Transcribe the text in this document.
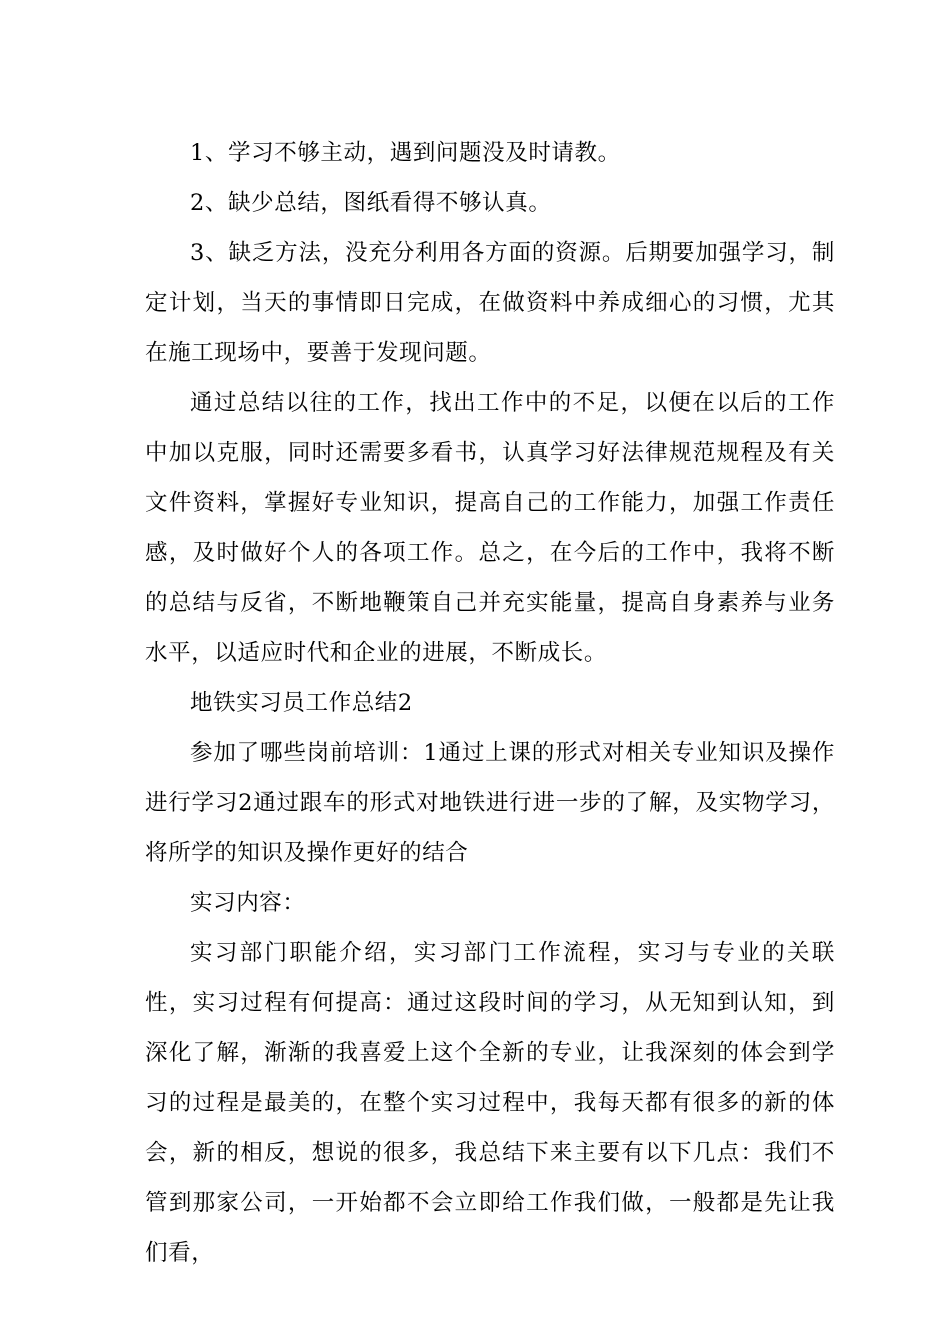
1、学习不够主动，遇到问题没及时请教。

2、缺少总结，图纸看得不够认真。

3、缺乏方法，没充分利用各方面的资源。后期要加强学习，制定计划，当天的事情即日完成，在做资料中养成细心的习惯，尤其在施工现场中，要善于发现问题。

通过总结以往的工作，找出工作中的不足，以便在以后的工作中加以克服，同时还需要多看书，认真学习好法律规范规程及有关文件资料，掌握好专业知识，提高自己的工作能力，加强工作责任感，及时做好个人的各项工作。总之，在今后的工作中，我将不断的总结与反省，不断地鞭策自己并充实能量，提高自身素养与业务水平，以适应时代和企业的进展，不断成长。

地铁实习员工作总结2

参加了哪些岗前培训：1通过上课的形式对相关专业知识及操作进行学习2通过跟车的形式对地铁进行进一步的了解，及实物学习，将所学的知识及操作更好的结合

实习内容：

实习部门职能介绍，实习部门工作流程，实习与专业的关联性，实习过程有何提高：通过这段时间的学习，从无知到认知，到深化了解，渐渐的我喜爱上这个全新的专业，让我深刻的体会到学习的过程是最美的，在整个实习过程中，我每天都有很多的新的体会，新的相反，想说的很多，我总结下来主要有以下几点：我们不管到那家公司，一开始都不会立即给工作我们做，一般都是先让我们看，
